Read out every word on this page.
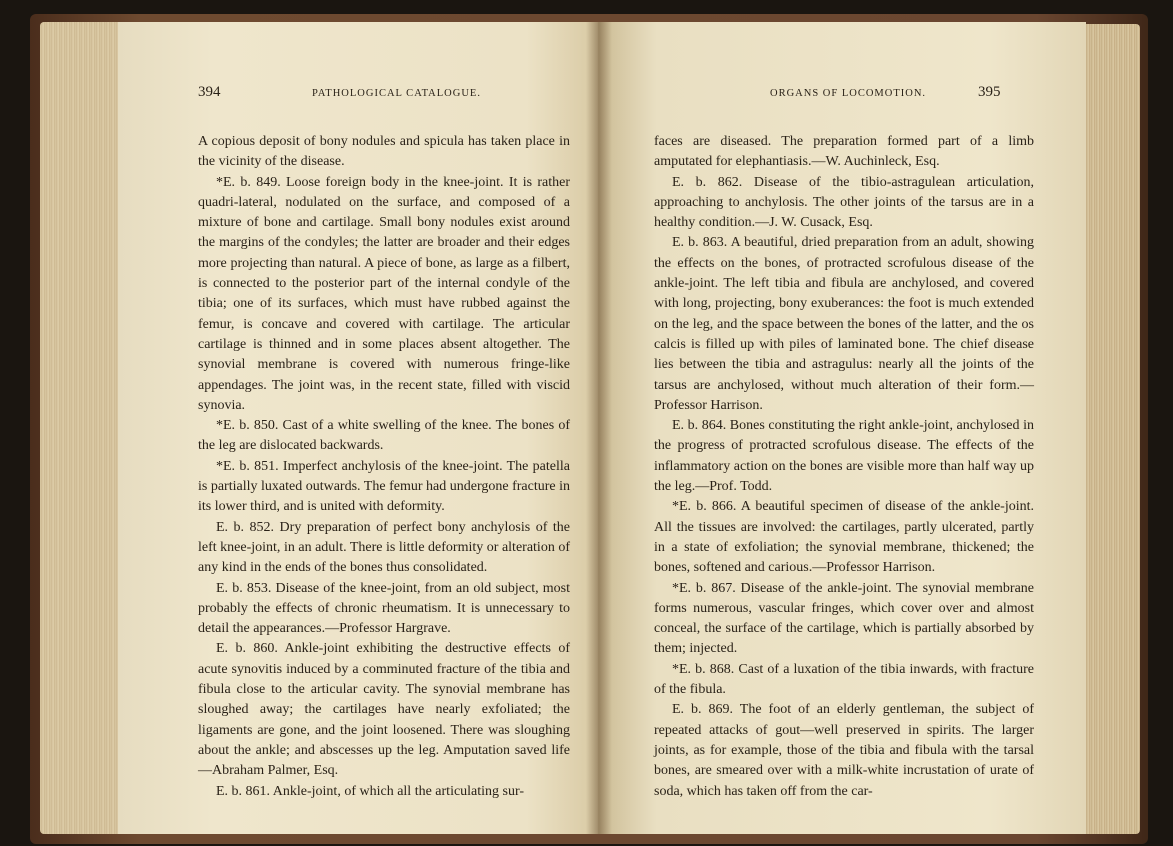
394	PATHOLOGICAL CATALOGUE.

A copious deposit of bony nodules and spicula has taken place in the vicinity of the disease.

*E. b. 849. Loose foreign body in the knee-joint. It is rather quadri-lateral, nodulated on the surface, and composed of a mixture of bone and cartilage. Small bony nodules exist around the margins of the condyles; the latter are broader and their edges more projecting than natural. A piece of bone, as large as a filbert, is connected to the posterior part of the internal condyle of the tibia; one of its surfaces, which must have rubbed against the femur, is concave and covered with cartilage. The articular cartilage is thinned and in some places absent altogether. The synovial membrane is covered with numerous fringe-like appendages. The joint was, in the recent state, filled with viscid synovia.

*E. b. 850. Cast of a white swelling of the knee. The bones of the leg are dislocated backwards.

*E. b. 851. Imperfect anchylosis of the knee-joint. The patella is partially luxated outwards. The femur had undergone fracture in its lower third, and is united with deformity.

E. b. 852. Dry preparation of perfect bony anchylosis of the left knee-joint, in an adult. There is little deformity or alteration of any kind in the ends of the bones thus consolidated.

E. b. 853. Disease of the knee-joint, from an old subject, most probably the effects of chronic rheumatism. It is unnecessary to detail the appearances.—Professor Hargrave.

E. b. 860. Ankle-joint exhibiting the destructive effects of acute synovitis induced by a comminuted fracture of the tibia and fibula close to the articular cavity. The synovial membrane has sloughed away; the cartilages have nearly exfoliated; the ligaments are gone, and the joint loosened. There was sloughing about the ankle; and abscesses up the leg. Amputation saved life—Abraham Palmer, Esq.

E. b. 861. Ankle-joint, of which all the articulating sur-

ORGANS OF LOCOMOTION.	395

faces are diseased. The preparation formed part of a limb amputated for elephantiasis.—W. Auchinleck, Esq.

E. b. 862. Disease of the tibio-astragulean articulation, approaching to anchylosis. The other joints of the tarsus are in a healthy condition.—J. W. Cusack, Esq.

E. b. 863. A beautiful, dried preparation from an adult, showing the effects on the bones, of protracted scrofulous disease of the ankle-joint. The left tibia and fibula are anchylosed, and covered with long, projecting, bony exuberances: the foot is much extended on the leg, and the space between the bones of the latter, and the os calcis is filled up with piles of laminated bone. The chief disease lies between the tibia and astragulus: nearly all the joints of the tarsus are anchylosed, without much alteration of their form.—Professor Harrison.

E. b. 864. Bones constituting the right ankle-joint, anchylosed in the progress of protracted scrofulous disease. The effects of the inflammatory action on the bones are visible more than half way up the leg.—Prof. Todd.

*E. b. 866. A beautiful specimen of disease of the ankle-joint. All the tissues are involved: the cartilages, partly ulcerated, partly in a state of exfoliation; the synovial membrane, thickened; the bones, softened and carious.—Professor Harrison.

*E. b. 867. Disease of the ankle-joint. The synovial membrane forms numerous, vascular fringes, which cover over and almost conceal, the surface of the cartilage, which is partially absorbed by them; injected.

*E. b. 868. Cast of a luxation of the tibia inwards, with fracture of the fibula.

E. b. 869. The foot of an elderly gentleman, the subject of repeated attacks of gout—well preserved in spirits. The larger joints, as for example, those of the tibia and fibula with the tarsal bones, are smeared over with a milk-white incrustation of urate of soda, which has taken off from the car-
